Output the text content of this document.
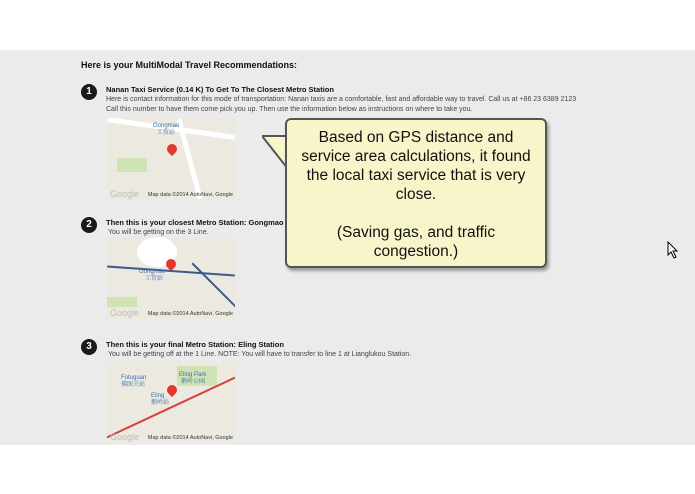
Here is your MultiModal Travel Recommendations:
1	Nanan Taxi Service (0.14 K) To Get To The Closest Metro Station
Here is contact information for this mode of transportation: Nanan taxis are a comfortable, fast and affordable way to travel. Call us at +86 23 6389 2123
Call this number to have them come pick you up. Then use the information below as instructions on where to take you.
Gongmao
工贸站
Google Map data ©2014 AutoNavi, Google
2	Then this is your closest Metro Station: Gongmao
You will be getting on the 3 Line.
Gongmao
工贸站
Google Map data ©2014 AutoNavi, Google
3	Then this is your final Metro Station: Eling Station
You will be getting off at the 1 Line. NOTE: You will have to transfer to line 1 at Lianglukou Station.
Fotuguan
佛图关站
Eling Park
鹅岭公园
Eling
鹅岭站
Google Map data ©2014 AutoNavi, Google
Based on GPS distance and service area calculations, it found the local taxi service that is very close.
(Saving gas, and traffic congestion.)
